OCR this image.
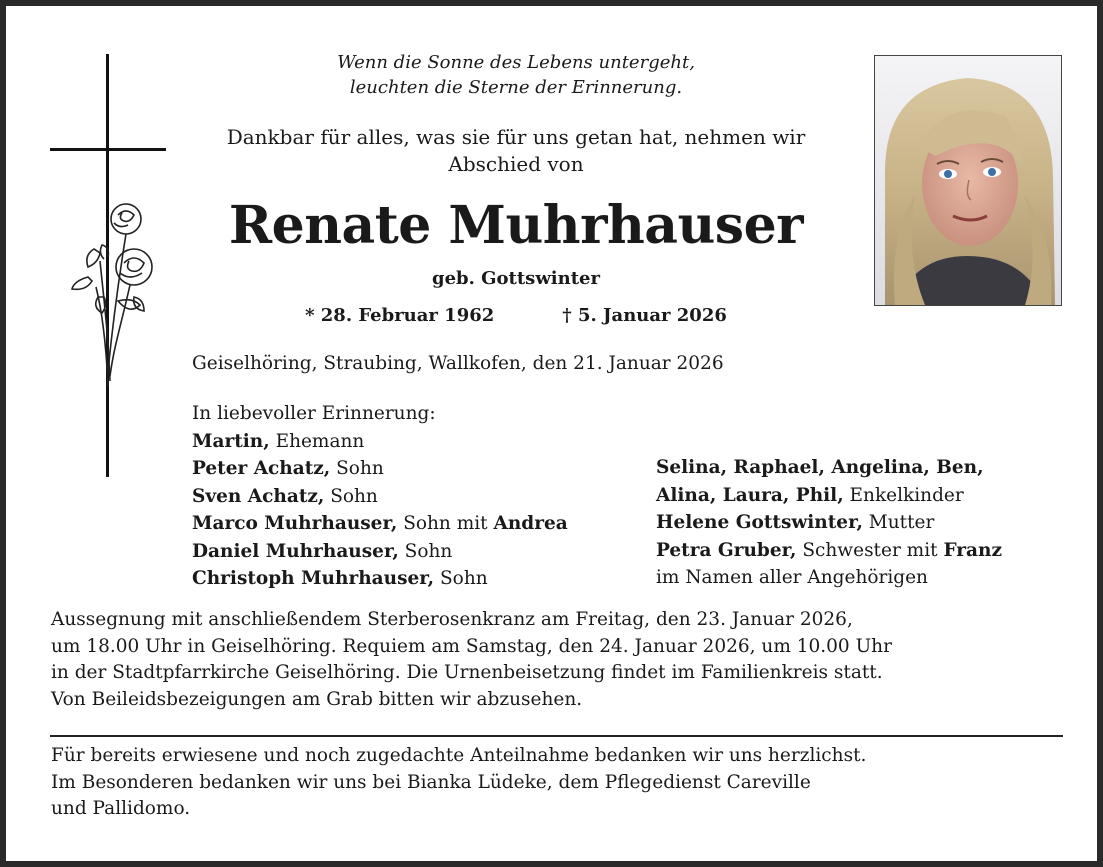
Wenn die Sonne des Lebens untergeht,
leuchten die Sterne der Erinnerung.
Dankbar für alles, was sie für uns getan hat, nehmen wir
Abschied von
Renate Muhrhauser
geb. Gottswinter
* 28. Februar 1962	† 5. Januar 2026
Geiselhöring, Straubing, Wallkofen, den 21. Januar 2026
In liebevoller Erinnerung:
Martin, Ehemann
Peter Achatz, Sohn
Sven Achatz, Sohn
Marco Muhrhauser, Sohn mit Andrea
Daniel Muhrhauser, Sohn
Christoph Muhrhauser, Sohn
Selina, Raphael, Angelina, Ben,
Alina, Laura, Phil, Enkelkinder
Helene Gottswinter, Mutter
Petra Gruber, Schwester mit Franz
im Namen aller Angehörigen
Aussegnung mit anschließendem Sterberosenkranz am Freitag, den 23. Januar 2026,
um 18.00 Uhr in Geiselhöring. Requiem am Samstag, den 24. Januar 2026, um 10.00 Uhr
in der Stadtpfarrkirche Geiselhöring. Die Urnenbeisetzung findet im Familienkreis statt.
Von Beileidsbezeigungen am Grab bitten wir abzusehen.
Für bereits erwiesene und noch zugedachte Anteilnahme bedanken wir uns herzlichst.
Im Besonderen bedanken wir uns bei Bianka Lüdeke, dem Pflegedienst Careville
und Pallidomo.
